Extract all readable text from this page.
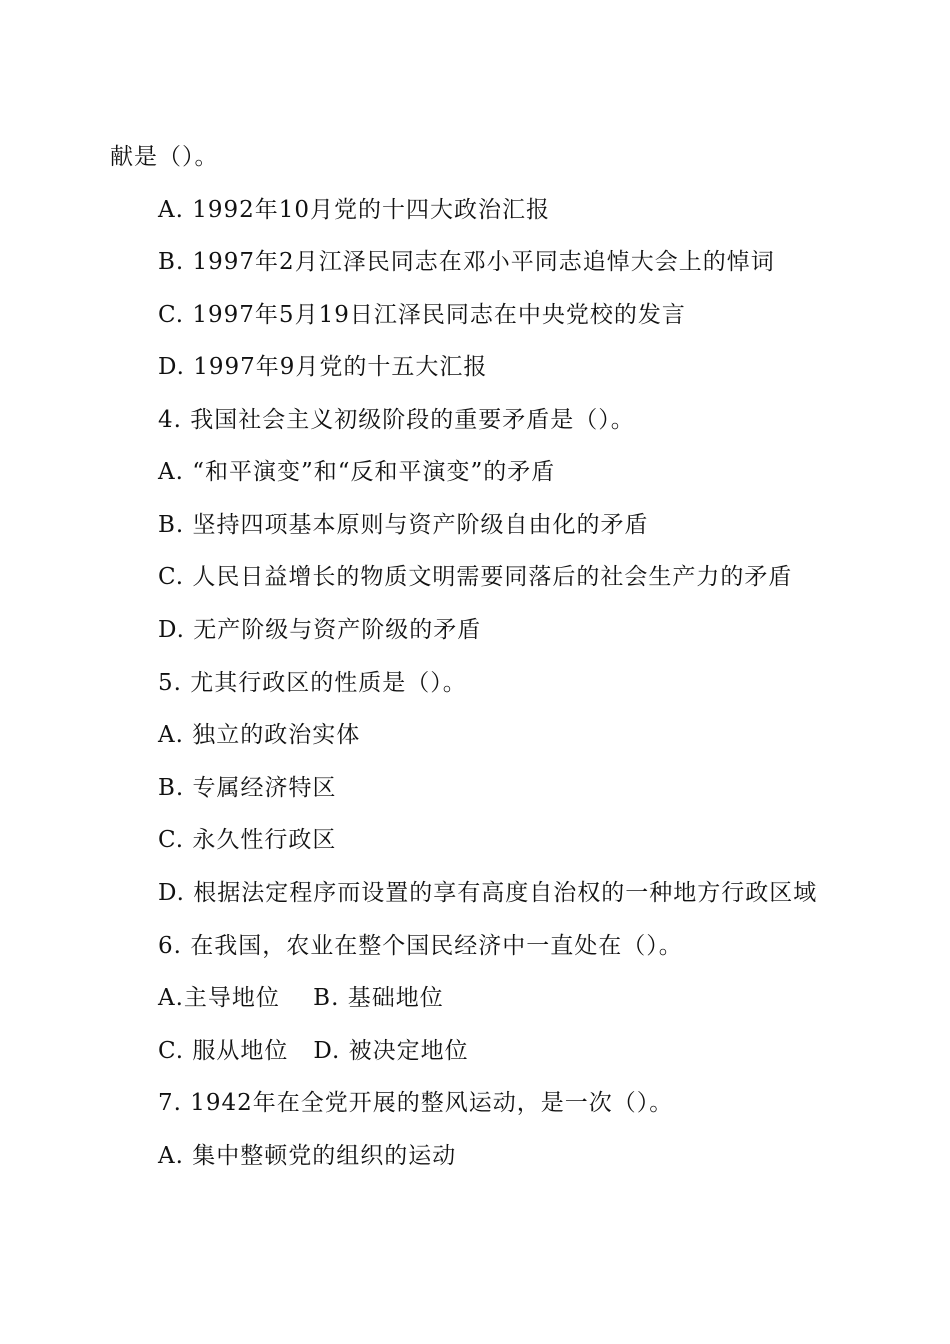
献是（）。
A. 1992年10月党的十四大政治汇报
B. 1997年2月江泽民同志在邓小平同志追悼大会上的悼词
C. 1997年5月19日江泽民同志在中央党校的发言
D. 1997年9月党的十五大汇报
4. 我国社会主义初级阶段的重要矛盾是（）。
A. “和平演变”和“反和平演变”的矛盾
B. 坚持四项基本原则与资产阶级自由化的矛盾
C. 人民日益增长的物质文明需要同落后的社会生产力的矛盾
D. 无产阶级与资产阶级的矛盾
5. 尤其行政区的性质是（）。
A. 独立的政治实体
B. 专属经济特区
C. 永久性行政区
D. 根据法定程序而设置的享有高度自治权的一种地方行政区域
6. 在我国，农业在整个国民经济中一直处在（）。
A.主导地位    B. 基础地位
C. 服从地位   D. 被决定地位
7. 1942年在全党开展的整风运动，是一次（）。
A. 集中整顿党的组织的运动
